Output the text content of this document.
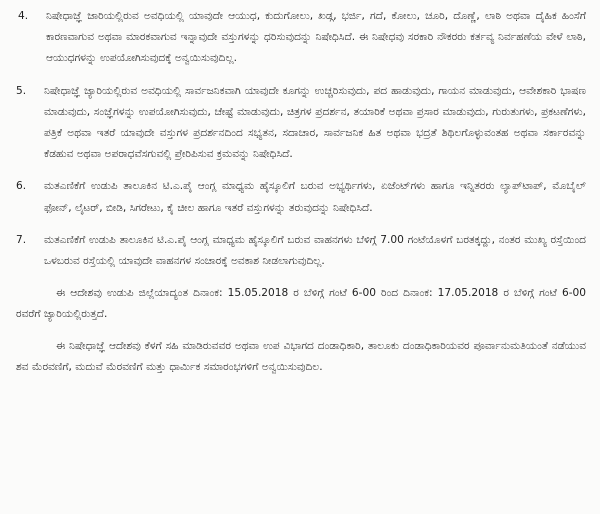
4.	ನಿಷೇಧಾಜ್ಞೆ ಜಾರಿಯಲ್ಲಿರುವ ಅವಧಿಯಲ್ಲಿ ಯಾವುದೇ ಆಯುಧ, ಕುದುಗೋಲು, ಖಡ್ಗ, ಭರ್ಜಿ, ಗದೆ, ಕೋಲು, ಚೂರಿ, ದೊಣ್ಣೆ, ಲಾಠಿ ಅಥವಾ ದೈಹಿಕ ಹಿಂಸೆಗೆ ಕಾರಣವಾಗುವ ಅಥವಾ ಮಾರಕವಾಗುವ ಇನ್ನಾವುದೇ ವಸ್ತುಗಳನ್ನು ಧರಿಸುವುದನ್ನು ನಿಷೇಧಿಸಿದೆ. ಈ ನಿಷೇಧವು ಸರಕಾರಿ ನೌಕರರು ಕರ್ತವ್ಯ ನಿರ್ವಹಣೆಯ ವೇಳೆ ಲಾಠಿ, ಆಯುಧಗಳನ್ನು ಉಪಯೋಗಿಸುವುದಕ್ಕೆ ಅನ್ವಯಿಸುವುದಿಲ್ಲ.
5.	ನಿಷೇಧಾಜ್ಞೆ ಜ್ಯಾರಿಯಲ್ಲಿರುವ ಅವಧಿಯಲ್ಲಿ ಸಾರ್ವಜನಿಕವಾಗಿ ಯಾವುದೇ ಕೂಗನ್ನು ಉಚ್ಚರಿಸುವುದು, ಪದ ಹಾಡುವುದು, ಗಾಯನ ಮಾಡುವುದು, ಆವೇಶಕಾರಿ ಭಾಷಣ ಮಾಡುವುದು, ಸಂಜ್ಞೆಗಳನ್ನು ಉಪಯೋಗಿಸುವುದು, ಚೇಷ್ಟೆ ಮಾಡುವುದು, ಚಿತ್ರಗಳ ಪ್ರದರ್ಶನ, ತಯಾರಿಕೆ ಅಥವಾ ಪ್ರಸಾರ ಮಾಡುವುದು, ಗುರುತುಗಳು, ಪ್ರಕಟಣೆಗಳು, ಪತ್ರಿಕೆ ಅಥವಾ ಇತರೆ ಯಾವುದೇ ವಸ್ತುಗಳ ಪ್ರದರ್ಶನದಿಂದ ಸಭ್ಯತನ, ಸದಾಚಾರ, ಸಾರ್ವಜನಿಕ ಹಿತ ಅಥವಾ ಭದ್ರತೆ ಶಿಥಿಲಗೊಳ್ಳುವಂತಹ ಅಥವಾ ಸರ್ಕಾರವನ್ನು ಕೆಡಹುವ ಅಥವಾ ಅಪರಾಧವೆಸಗುವಲ್ಲಿ ಪ್ರೇರಿಪಿಸುವ ಕ್ರಮವನ್ನು ನಿಷೇಧಿಸಿದೆ.
6.	ಮತಎಣಿಕೆಗೆ ಉಡುಪಿ ತಾಲೂಕಿನ ಟಿ.ಎ.ಪೈ ಆಂಗ್ಲ ಮಾಧ್ಯಮ ಹೈಸ್ಕೂಲಿಗೆ ಬರುವ ಅಭ್ಯರ್ಥಿಗಳು, ಏಜೆಂಟ್‌ಗಳು ಹಾಗೂ ಇನ್ನಿತರರು ಲ್ಯಾಪ್‌ಟಾಪ್, ಮೊಬೈಲ್ ಫೋನ್, ಲೈಟರ್, ಬೀಡಿ, ಸಿಗರೇಟು, ಕೈ ಚೀಲ ಹಾಗೂ ಇತರೆ ವಸ್ತುಗಳನ್ನು ತರುವುದನ್ನು ನಿಷೇಧಿಸಿದೆ.
7.	ಮತಎಣಿಕೆಗೆ ಉಡುಪಿ ತಾಲೂಕಿನ ಟಿ.ಎ.ಪೈ ಆಂಗ್ಲ ಮಾಧ್ಯಮ ಹೈಸ್ಕೂಲಿಗೆ ಬರುವ ವಾಹನಗಳು ಬೆಳಿಗ್ಗೆ 7.00 ಗಂಟೆಯೊಳಗೆ ಬರತಕ್ಕದ್ದು, ನಂತರ ಮುಖ್ಯ ರಸ್ತೆಯಿಂದ ಒಳಬರುವ ರಸ್ತೆಯಲ್ಲಿ ಯಾವುದೇ ವಾಹನಗಳ ಸಂಚಾರಕ್ಕೆ ಅವಕಾಶ ನೀಡಲಾಗುವುದಿಲ್ಲ.
ಈ ಆದೇಶವು ಉಡುಪಿ ಜಿಲ್ಲೆಯಾದ್ಯಂತ ದಿನಾಂಕ: 15.05.2018 ರ ಬೆಳಿಗ್ಗೆ ಗಂಟೆ 6-00 ರಿಂದ ದಿನಾಂಕ: 17.05.2018 ರ ಬೆಳಿಗ್ಗೆ ಗಂಟೆ 6-00 ರವರೆಗೆ ಜ್ಯಾರಿಯಲ್ಲಿರುತ್ತದೆ.
ಈ ನಿಷೇಧಾಜ್ಞೆ ಆದೇಶವು ಕೆಳಗೆ ಸಹಿ ಮಾಡಿರುವವರ ಅಥವಾ ಉಪ ವಿಭಾಗದ ದಂಡಾಧಿಕಾರಿ, ತಾಲೂಕು ದಂಡಾಧಿಕಾರಿಯವರ ಪೂರ್ವಾನುಮತಿಯಂತೆ ನಡೆಯುವ ಶವ ಮೆರವಣಿಗೆ, ಮದುವೆ ಮೆರವಣಿಗೆ ಮತ್ತು ಧಾರ್ಮಿಕ ಸಮಾರಂಭಗಳಿಗೆ ಅನ್ವಯಿಸುವುದಿಲ.
